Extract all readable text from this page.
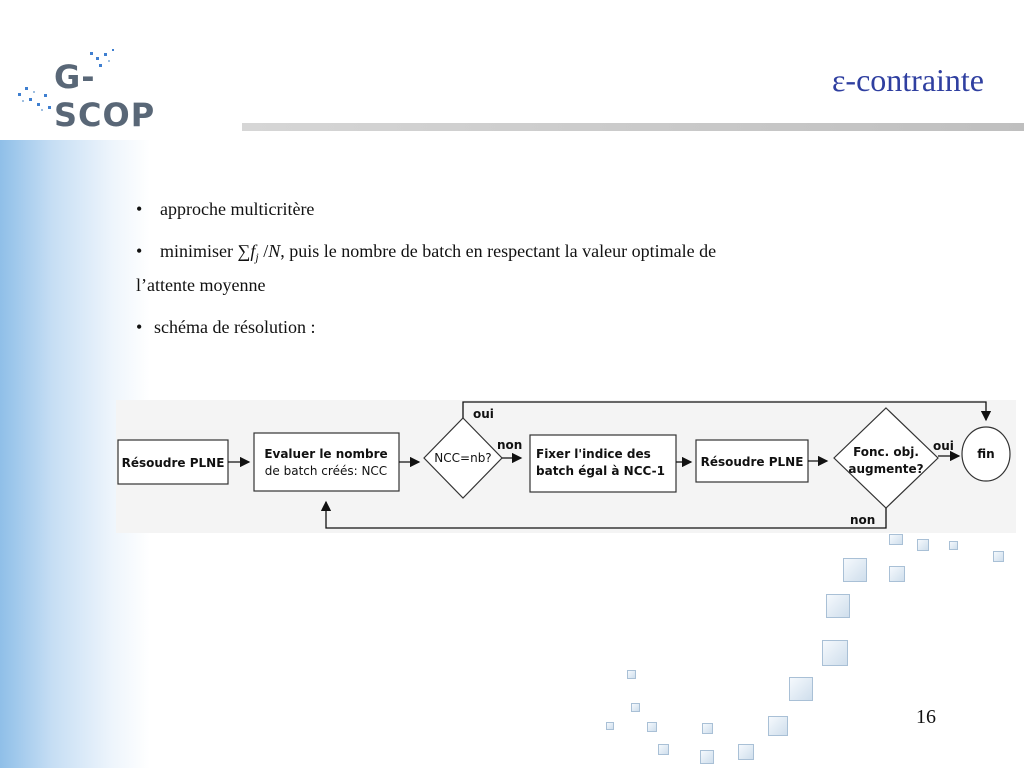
G-SCOP
ε-contrainte
• approche multicritère
• minimiser $\sum f_j$ /N, puis le nombre de batch en respectant la valeur optimale de
l’attente moyenne
• schéma de résolution :
Résoudre PLNE
Evaluer le nombre
de batch créés: NCC
NCC=nb?
non
Fixer l'indice des
batch égal à NCC-1
Résoudre PLNE
Fonc. obj.
augmente?
oui
fin
oui
non
16
